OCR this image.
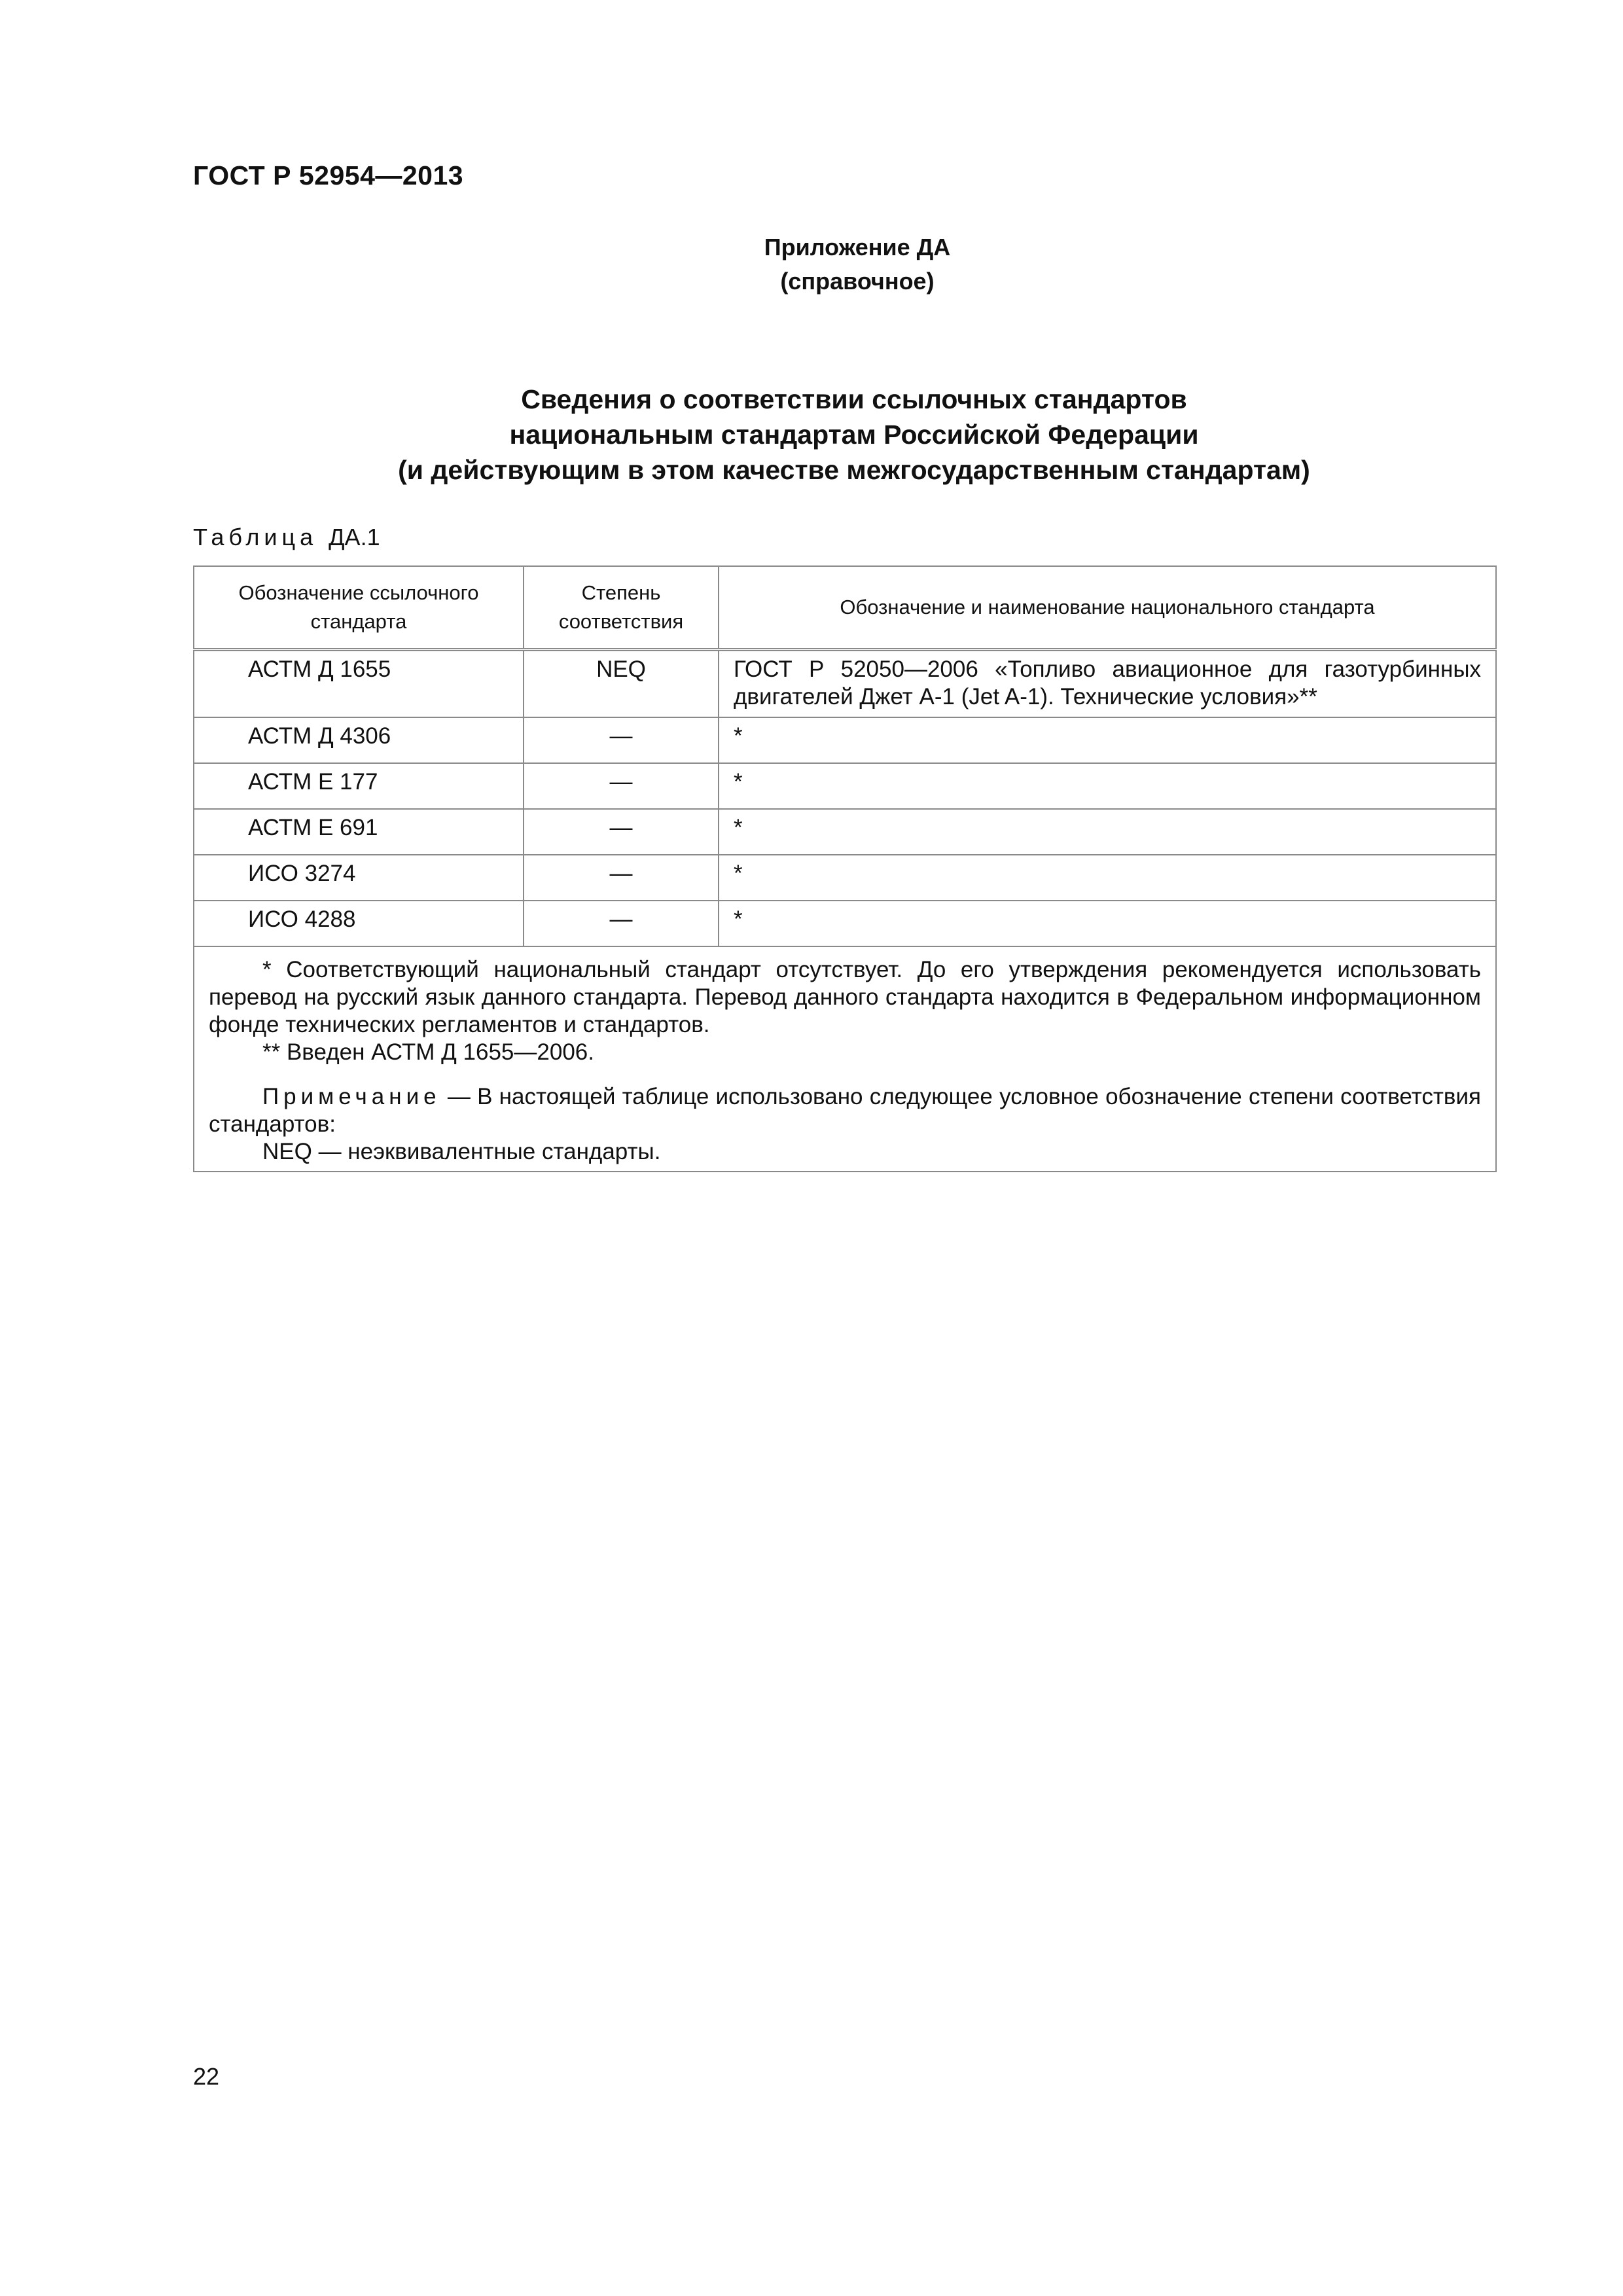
ГОСТ Р 52954—2013
Приложение ДА
(справочное)
Сведения о соответствии ссылочных стандартов
национальным стандартам Российской Федерации
(и действующим в этом качестве межгосударственным стандартам)
Таблица ДА.1
Обозначение ссылочного стандарта	Степень соответствия	Обозначение и наименование национального стандарта
АСТМ Д 1655	NEQ	ГОСТ Р 52050—2006 «Топливо авиационное для газотурбинных двигателей Джет А-1 (Jet A-1). Технические условия»**
АСТМ Д 4306	—	*
АСТМ Е 177	—	*
АСТМ Е 691	—	*
ИСО 3274	—	*
ИСО 4288	—	*

* Соответствующий национальный стандарт отсутствует. До его утверждения рекомендуется использовать перевод на русский язык данного стандарта. Перевод данного стандарта находится в Федеральном информационном фонде технических регламентов и стандартов.

** Введен АСТМ Д 1655—2006.

Примечание — В настоящей таблице использовано следующее условное обозначение степени соответствия стандартов:

NEQ — неэквивалентные стандарты.		

22
